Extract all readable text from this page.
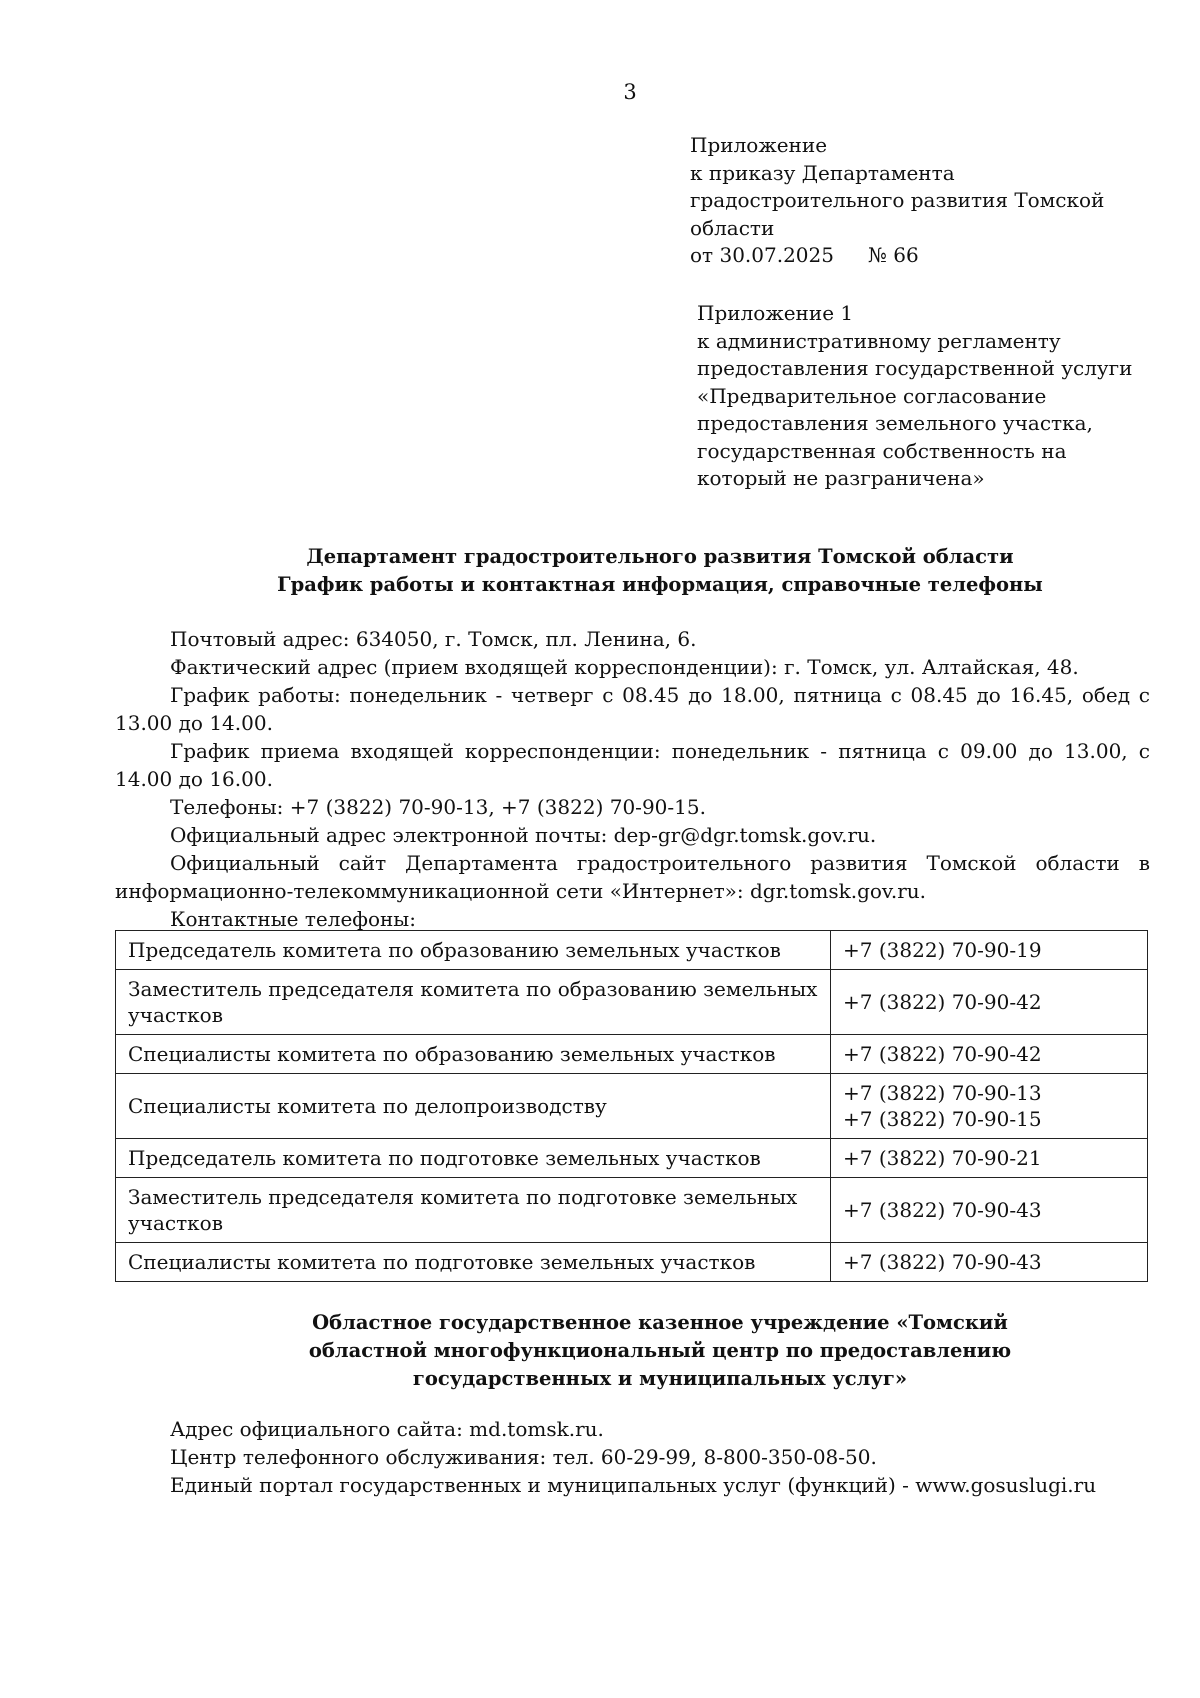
3
Приложение
к приказу Департамента
градостроительного развития Томской
области
от 30.07.2025 № 66
Приложение 1
к административному регламенту
предоставления государственной услуги
«Предварительное согласование
предоставления земельного участка,
государственная собственность на
который не разграничена»
Департамент градостроительного развития Томской области
График работы и контактная информация, справочные телефоны

Почтовый адрес: 634050, г. Томск, пл. Ленина, 6.

Фактический адрес (прием входящей корреспонденции): г. Томск, ул. Алтайская, 48.

График работы: понедельник - четверг с 08.45 до 18.00, пятница с 08.45 до 16.45, обед с 13.00 до 14.00.

График приема входящей корреспонденции: понедельник - пятница с 09.00 до 13.00, с 14.00 до 16.00.

Телефоны: +7 (3822) 70-90-13, +7 (3822) 70-90-15.

Официальный адрес электронной почты: dep-gr@dgr.tomsk.gov.ru.

Официальный сайт Департамента градостроительного развития Томской области в информационно-телекоммуникационной сети «Интернет»: dgr.tomsk.gov.ru.

Контактные телефоны:

Председатель комитета по образованию земельных участков	+7 (3822) 70-90-19

Заместитель председателя комитета по образованию земельных участков	+7 (3822) 70-90-42

Специалисты комитета по образованию земельных участков	+7 (3822) 70-90-42

Специалисты комитета по делопроизводству	+7 (3822) 70-90-13
+7 (3822) 70-90-15

Председатель комитета по подготовке земельных участков	+7 (3822) 70-90-21

Заместитель председателя комитета по подготовке земельных участков	+7 (3822) 70-90-43

Специалисты комитета по подготовке земельных участков	+7 (3822) 70-90-43
Областное государственное казенное учреждение «Томский
областной многофункциональный центр по предоставлению
государственных и муниципальных услуг»

Адрес официального сайта: md.tomsk.ru.

Центр телефонного обслуживания: тел. 60-29-99, 8-800-350-08-50.

Единый портал государственных и муниципальных услуг (функций) - www.gosuslugi.ru
